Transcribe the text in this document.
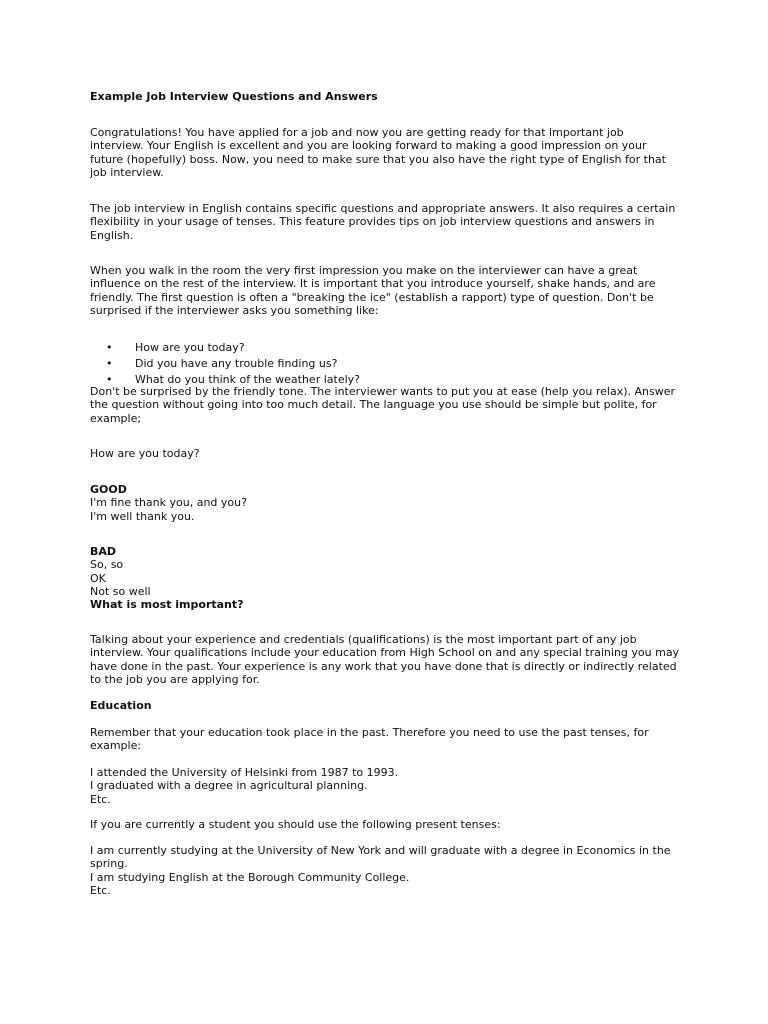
Example Job Interview Questions and Answers

Congratulations! You have applied for a job and now you are getting ready for that important job interview. Your English is excellent and you are looking forward to making a good impression on your future (hopefully) boss. Now, you need to make sure that you also have the right type of English for that job interview.

The job interview in English contains specific questions and appropriate answers. It also requires a certain flexibility in your usage of tenses. This feature provides tips on job interview questions and answers in English.

When you walk in the room the very first impression you make on the interviewer can have a great influence on the rest of the interview. It is important that you introduce yourself, shake hands, and are friendly. The first question is often a "breaking the ice" (establish a rapport) type of question. Don't be surprised if the interviewer asks you something like:

• How are you today?
• Did you have any trouble finding us?
• What do you think of the weather lately?

Don't be surprised by the friendly tone. The interviewer wants to put you at ease (help you relax). Answer the question without going into too much detail. The language you use should be simple but polite, for example;

How are you today?

GOOD

I'm fine thank you, and you?

I'm well thank you.

BAD

So, so

OK

Not so well

What is most important?

Talking about your experience and credentials (qualifications) is the most important part of any job interview. Your qualifications include your education from High School on and any special training you may have done in the past. Your experience is any work that you have done that is directly or indirectly related to the job you are applying for.

Education

Remember that your education took place in the past. Therefore you need to use the past tenses, for example:

I attended the University of Helsinki from 1987 to 1993.

I graduated with a degree in agricultural planning.

Etc.

If you are currently a student you should use the following present tenses:

I am currently studying at the University of New York and will graduate with a degree in Economics in the spring.

I am studying English at the Borough Community College.

Etc.
